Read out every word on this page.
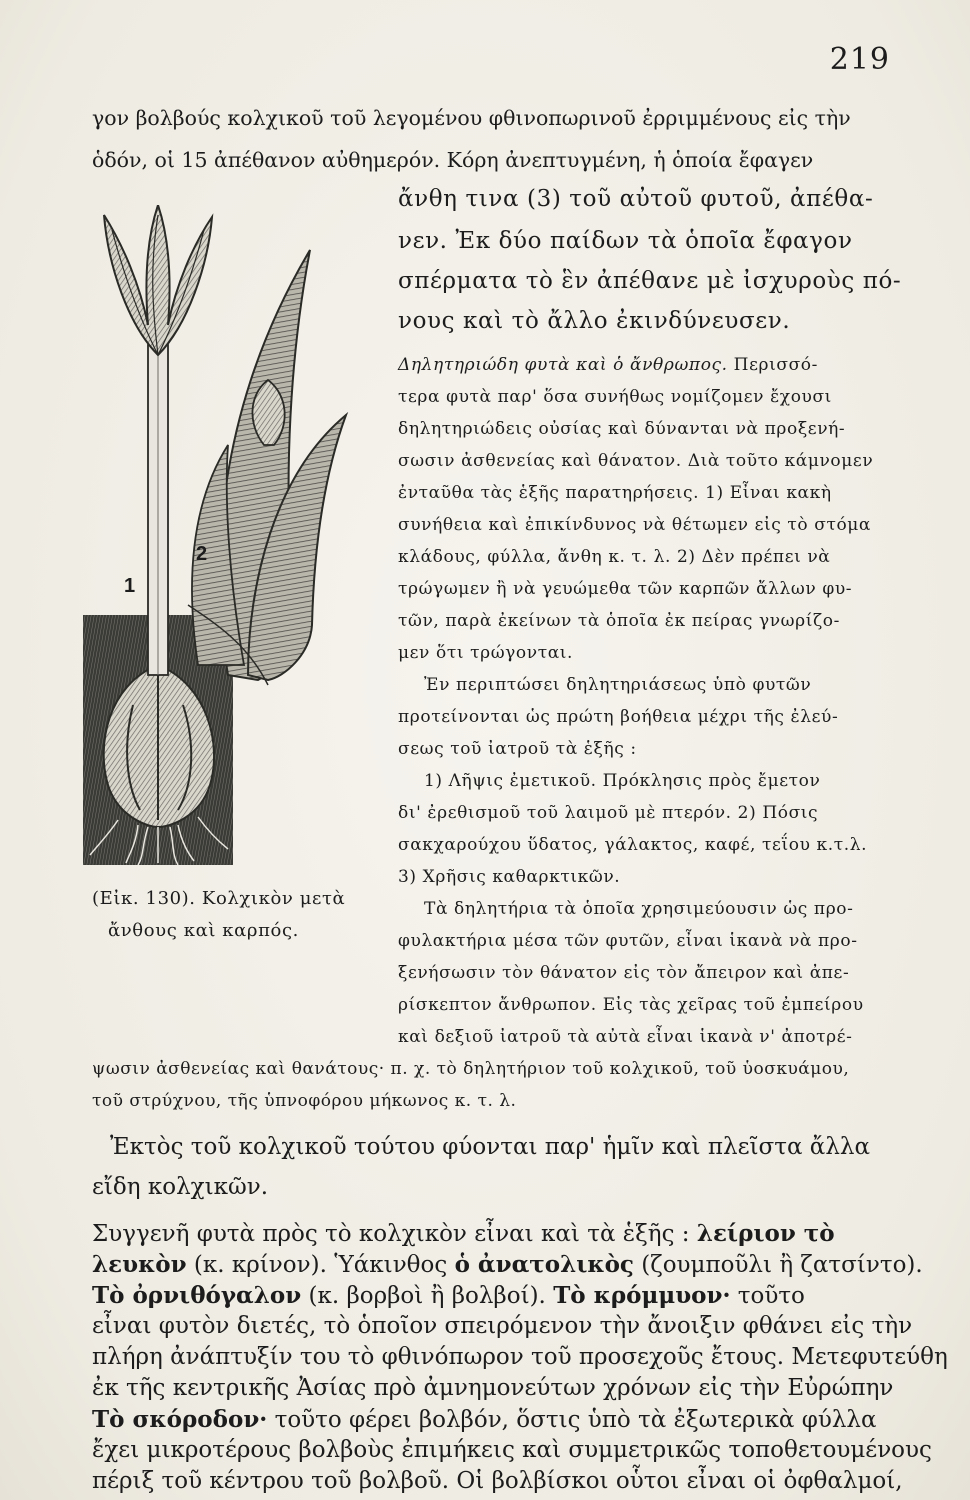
219
γον βολβούς κολχικοῦ τοῦ λεγομένου φθινοπωρινοῦ ἐρριμμένους εἰς τὴν
ὁδόν, οἱ 15 ἀπέθανον αὐθημερόν. Κόρη ἀνεπτυγμένη, ἡ ὁποία ἔφαγεν
ἄνθη τινα (3) τοῦ αὐτοῦ φυτοῦ, ἀπέθα-
νεν. Ἐκ δύο παίδων τὰ ὁποῖα ἔφαγον
σπέρματα τὸ ἓν ἀπέθανε μὲ ἰσχυροὺς πό-
νους καὶ τὸ ἄλλο ἐκινδύνευσεν.
Δηλητηριώδη φυτὰ καὶ ὁ ἄνθρωπος. Περισσό-
τερα φυτὰ παρ' ὅσα συνήθως νομίζομεν ἔχουσι
δηλητηριώδεις οὐσίας καὶ δύνανται νὰ προξενή-
σωσιν ἀσθενείας καὶ θάνατον. Διὰ τοῦτο κάμνομεν
ἐνταῦθα τὰς ἑξῆς παρατηρήσεις. 1) Εἶναι κακὴ
συνήθεια καὶ ἐπικίνδυνος νὰ θέτωμεν εἰς τὸ στόμα
κλάδους, φύλλα, ἄνθη κ. τ. λ. 2) Δὲν πρέπει νὰ
τρώγωμεν ἢ νὰ γευώμεθα τῶν καρπῶν ἄλλων φυ-
τῶν, παρὰ ἐκείνων τὰ ὁποῖα ἐκ πείρας γνωρίζο-
μεν ὅτι τρώγονται.
Ἐν περιπτώσει δηλητηριάσεως ὑπὸ φυτῶν
προτείνονται ὡς πρώτη βοήθεια μέχρι τῆς ἐλεύ-
σεως τοῦ ἰατροῦ τὰ ἑξῆς :
1) Λῆψις ἐμετικοῦ. Πρόκλησις πρὸς ἔμετον
δι' ἐρεθισμοῦ τοῦ λαιμοῦ μὲ πτερόν. 2) Πόσις
σακχαρούχου ὕδατος, γάλακτος, καφέ, τεΐου κ.τ.λ.
3) Χρῆσις καθαρκτικῶν.
Τὰ δηλητήρια τὰ ὁποῖα χρησιμεύουσιν ὡς προ-
φυλακτήρια μέσα τῶν φυτῶν, εἶναι ἱκανὰ νὰ προ-
ξενήσωσιν τὸν θάνατον εἰς τὸν ἄπειρον καὶ ἀπε-
ρίσκεπτον ἄνθρωπον. Εἰς τὰς χεῖρας τοῦ ἐμπείρου
καὶ δεξιοῦ ἰατροῦ τὰ αὐτὰ εἶναι ἱκανὰ ν' ἀποτρέ-
ψωσιν ἀσθενείας καὶ θανάτους· π. χ. τὸ δηλητήριον τοῦ κολχικοῦ, τοῦ ὑοσκυάμου,
τοῦ στρύχνου, τῆς ὑπνοφόρου μήκωνος κ. τ. λ.
2
1
(Εἰκ. 130). Κολχικὸν μετὰ
ἄνθους καὶ καρπός.
Ἐκτὸς τοῦ κολχικοῦ τούτου φύονται παρ' ἡμῖν καὶ πλεῖστα ἄλλα
εἴδη κολχικῶν.
Συγγενῆ φυτὰ πρὸς τὸ κολχικὸν εἶναι καὶ τὰ ἑξῆς : λείριον τὸ
λευκὸν (κ. κρίνον). Ὑάκινθος ὁ ἀνατολικὸς (ζουμποῦλι ἢ ζατσίντο).
Τὸ ὀρνιθόγαλον (κ. βορβοὶ ἢ βολβοί). Τὸ κρόμμυον· τοῦτο
εἶναι φυτὸν διετές, τὸ ὁποῖον σπειρόμενον τὴν ἄνοιξιν φθάνει εἰς τὴν
πλήρη ἀνάπτυξίν του τὸ φθινόπωρον τοῦ προσεχοῦς ἔτους. Μετεφυτεύθη
ἐκ τῆς κεντρικῆς Ἀσίας πρὸ ἀμνημονεύτων χρόνων εἰς τὴν Εὐρώπην
Τὸ σκόροδον· τοῦτο φέρει βολβόν, ὅστις ὑπὸ τὰ ἐξωτερικὰ φύλλα
ἔχει μικροτέρους βολβοὺς ἐπιμήκεις καὶ συμμετρικῶς τοποθετουμένους
πέριξ τοῦ κέντρου τοῦ βολβοῦ. Οἱ βολβίσκοι οὗτοι εἶναι οἱ ὀφθαλμοί,
